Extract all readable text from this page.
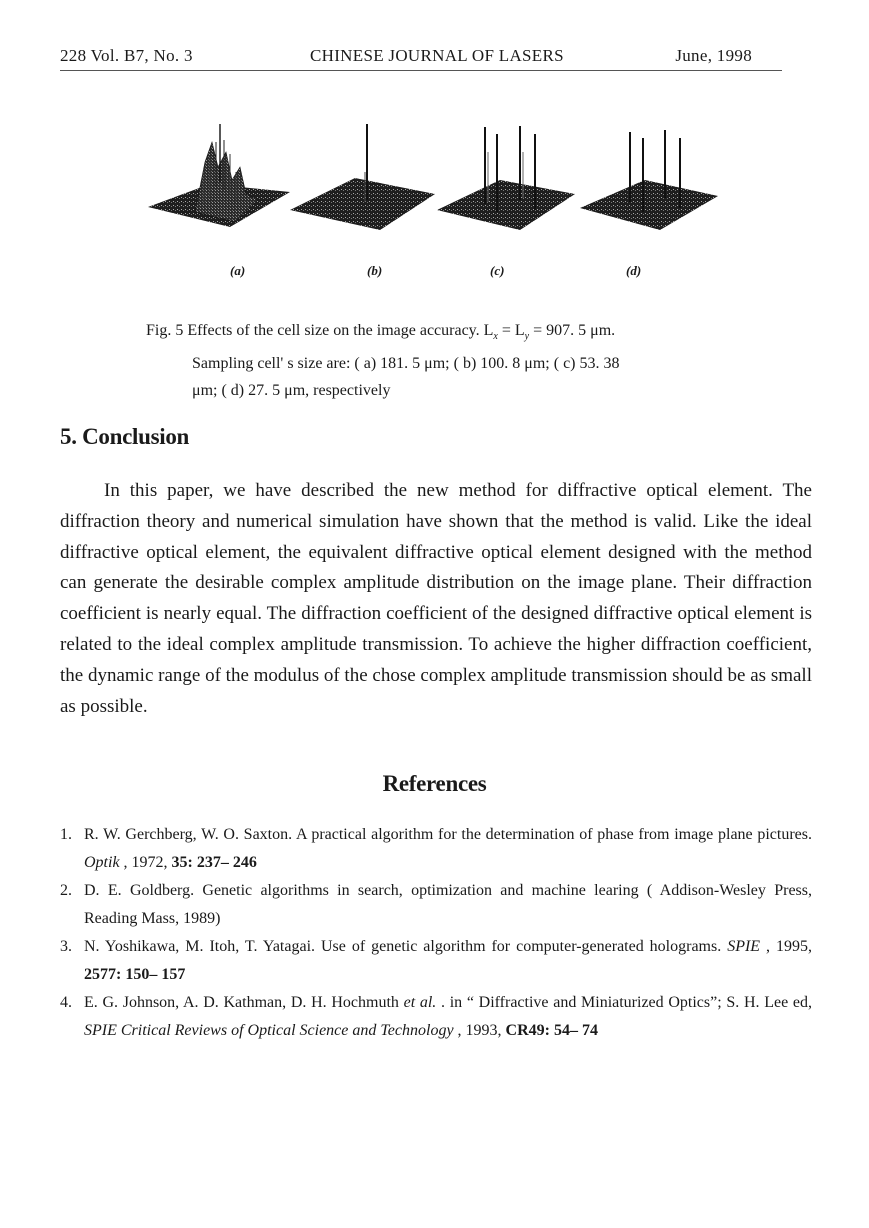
228 Vol. B7, No. 3	CHINESE JOURNAL OF LASERS	June, 1998
(a)	(b)	(c)	(d)
Fig. 5 Effects of the cell size on the image accuracy. $L_x = L_y = 907$. 5 μm.
Sampling cell' s size are: ( a) 181. 5 μm; ( b) 100. 8 μm; ( c) 53. 38
μm; ( d) 27. 5 μm, respectively
5. Conclusion

In this paper, we have described the new method for diffractive optical element. The diffraction theory and numerical simulation have shown that the method is valid. Like the ideal diffractive optical element, the equivalent diffractive optical element designed with the method can generate the desirable complex amplitude distribution on the image plane. Their diffraction coefficient is nearly equal. The diffraction coefficient of the designed diffractive optical element is related to the ideal complex amplitude transmission. To achieve the higher diffraction coefficient, the dynamic range of the modulus of the chose complex amplitude transmission should be as small as possible.

References
1. R. W. Gerchberg, W. O. Saxton. A practical algorithm for the determination of phase from image plane pictures. Optik , 1972, 35: 237– 246
2. D. E. Goldberg. Genetic algorithms in search, optimization and machine learing ( Addison-Wesley Press, Reading Mass, 1989)
3. N. Yoshikawa, M. Itoh, T. Yatagai. Use of genetic algorithm for computer-generated holograms. SPIE , 1995, 2577: 150– 157
4. E. G. Johnson, A. D. Kathman, D. H. Hochmuth et al. . in “ Diffractive and Miniaturized Optics”; S. H. Lee ed, SPIE Critical Reviews of Optical Science and Technology , 1993, CR49: 54– 74
